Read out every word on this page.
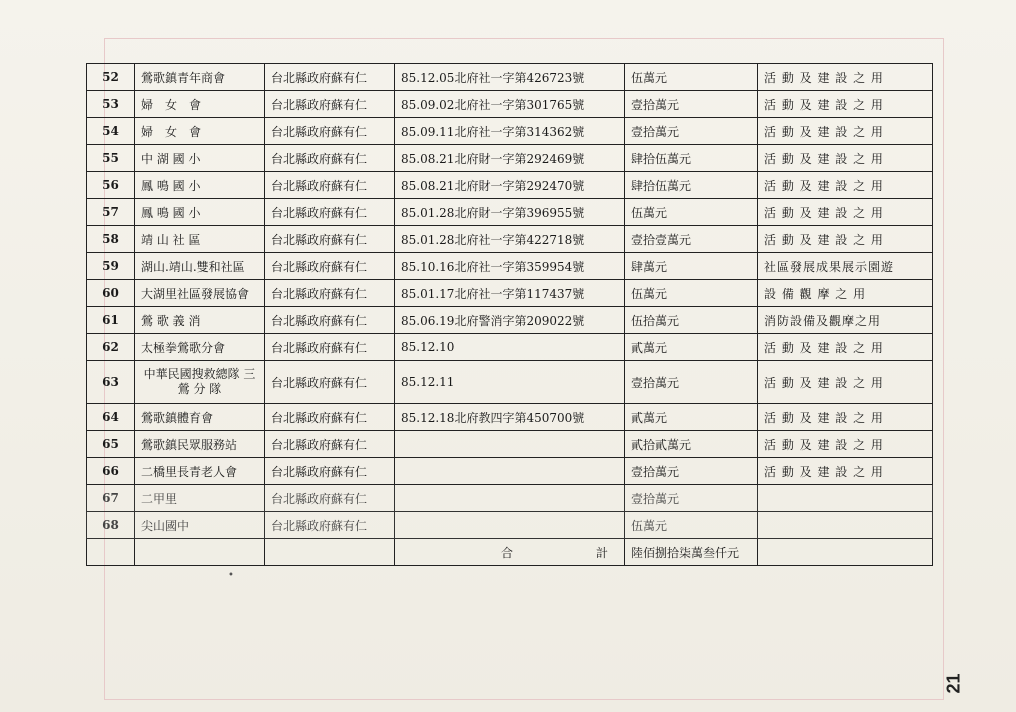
52	鶯歌鎮青年商會	台北縣政府蘇有仁	85.12.05北府社一字第426723號	伍萬元	活 動 及 建 設 之 用
53	婦　女　會	台北縣政府蘇有仁	85.09.02北府社一字第301765號	壹拾萬元	活 動 及 建 設 之 用
54	婦　女　會	台北縣政府蘇有仁	85.09.11北府社一字第314362號	壹拾萬元	活 動 及 建 設 之 用
55	中 湖 國 小	台北縣政府蘇有仁	85.08.21北府財一字第292469號	肆拾伍萬元	活 動 及 建 設 之 用
56	鳳 鳴 國 小	台北縣政府蘇有仁	85.08.21北府財一字第292470號	肆拾伍萬元	活 動 及 建 設 之 用
57	鳳 鳴 國 小	台北縣政府蘇有仁	85.01.28北府財一字第396955號	伍萬元	活 動 及 建 設 之 用
58	靖 山 社 區	台北縣政府蘇有仁	85.01.28北府社一字第422718號	壹拾壹萬元	活 動 及 建 設 之 用
59	湖山.靖山.雙和社區	台北縣政府蘇有仁	85.10.16北府社一字第359954號	肆萬元	社區發展成果展示園遊
60	大湖里社區發展協會	台北縣政府蘇有仁	85.01.17北府社一字第117437號	伍萬元	設 備 觀 摩 之 用
61	鶯 歌 義 消	台北縣政府蘇有仁	85.06.19北府警消字第209022號	伍拾萬元	消防設備及觀摩之用
62	太極拳鶯歌分會	台北縣政府蘇有仁	85.12.10	貳萬元	活 動 及 建 設 之 用
63	中華民國搜救總隊 三 鶯 分 隊	台北縣政府蘇有仁	85.12.11	壹拾萬元	活 動 及 建 設 之 用
64	鶯歌鎮體育會	台北縣政府蘇有仁	85.12.18北府教四字第450700號	貳萬元	活 動 及 建 設 之 用
65	鶯歌鎮民眾服務站	台北縣政府蘇有仁		貳拾貳萬元	活 動 及 建 設 之 用
66	二橋里長青老人會	台北縣政府蘇有仁		壹拾萬元	活 動 及 建 設 之 用
67	二甲里	台北縣政府蘇有仁		壹拾萬元	
68	尖山國中	台北縣政府蘇有仁		伍萬元	

			合 計	陸佰捌拾柒萬叁仟元	
•
21
